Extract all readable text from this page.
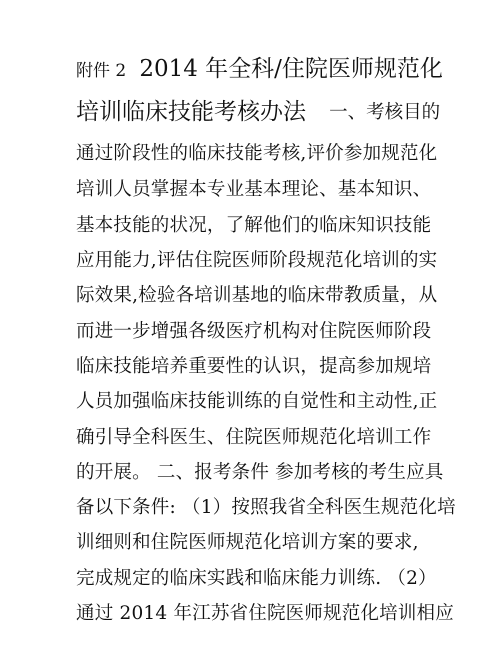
附件 2 2014 年全科/住院医师规范化
培训临床技能考核办法 一、考核目的
通过阶段性的临床技能考核,评价参加规范化
培训人员掌握本专业基本理论、基本知识、
基本技能的状况，了解他们的临床知识技能
应用能力,评估住院医师阶段规范化培训的实
际效果,检验各培训基地的临床带教质量，从
而进一步增强各级医疗机构对住院医师阶段
临床技能培养重要性的认识，提高参加规培
人员加强临床技能训练的自觉性和主动性,正
确引导全科医生、住院医师规范化培训工作
的开展。 二、报考条件 参加考核的考生应具
备以下条件: （1）按照我省全科医生规范化培
训细则和住院医师规范化培训方案的要求,
完成规定的临床实践和临床能力训练. （2）
通过 2014 年江苏省住院医师规范化培训相应
